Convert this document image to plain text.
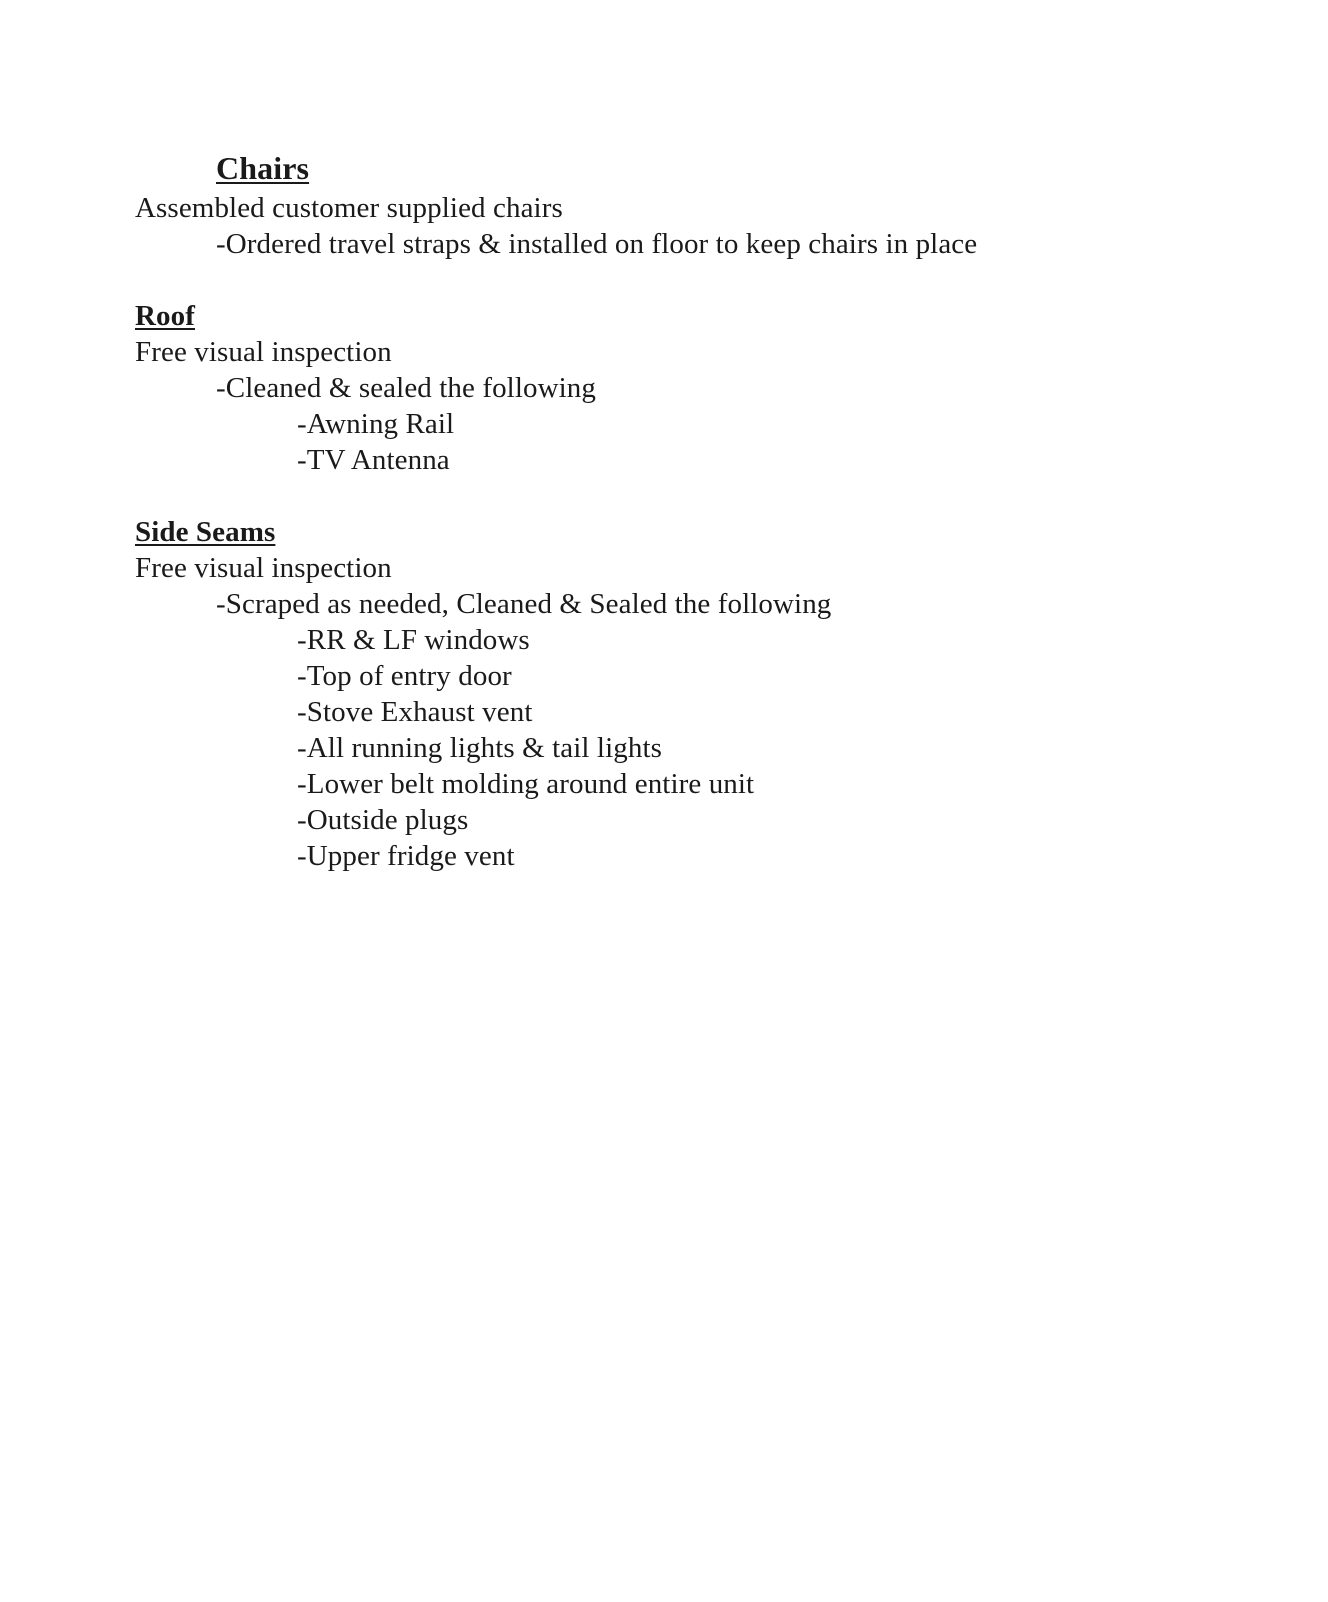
Chairs
Assembled customer supplied chairs
-Ordered travel straps & installed on floor to keep chairs in place
Roof
Free visual inspection
-Cleaned & sealed the following
-Awning Rail
-TV Antenna
Side Seams
Free visual inspection
-Scraped as needed, Cleaned & Sealed the following
-RR & LF windows
-Top of entry door
-Stove Exhaust vent
-All running lights & tail lights
-Lower belt molding around entire unit
-Outside plugs
-Upper fridge vent
